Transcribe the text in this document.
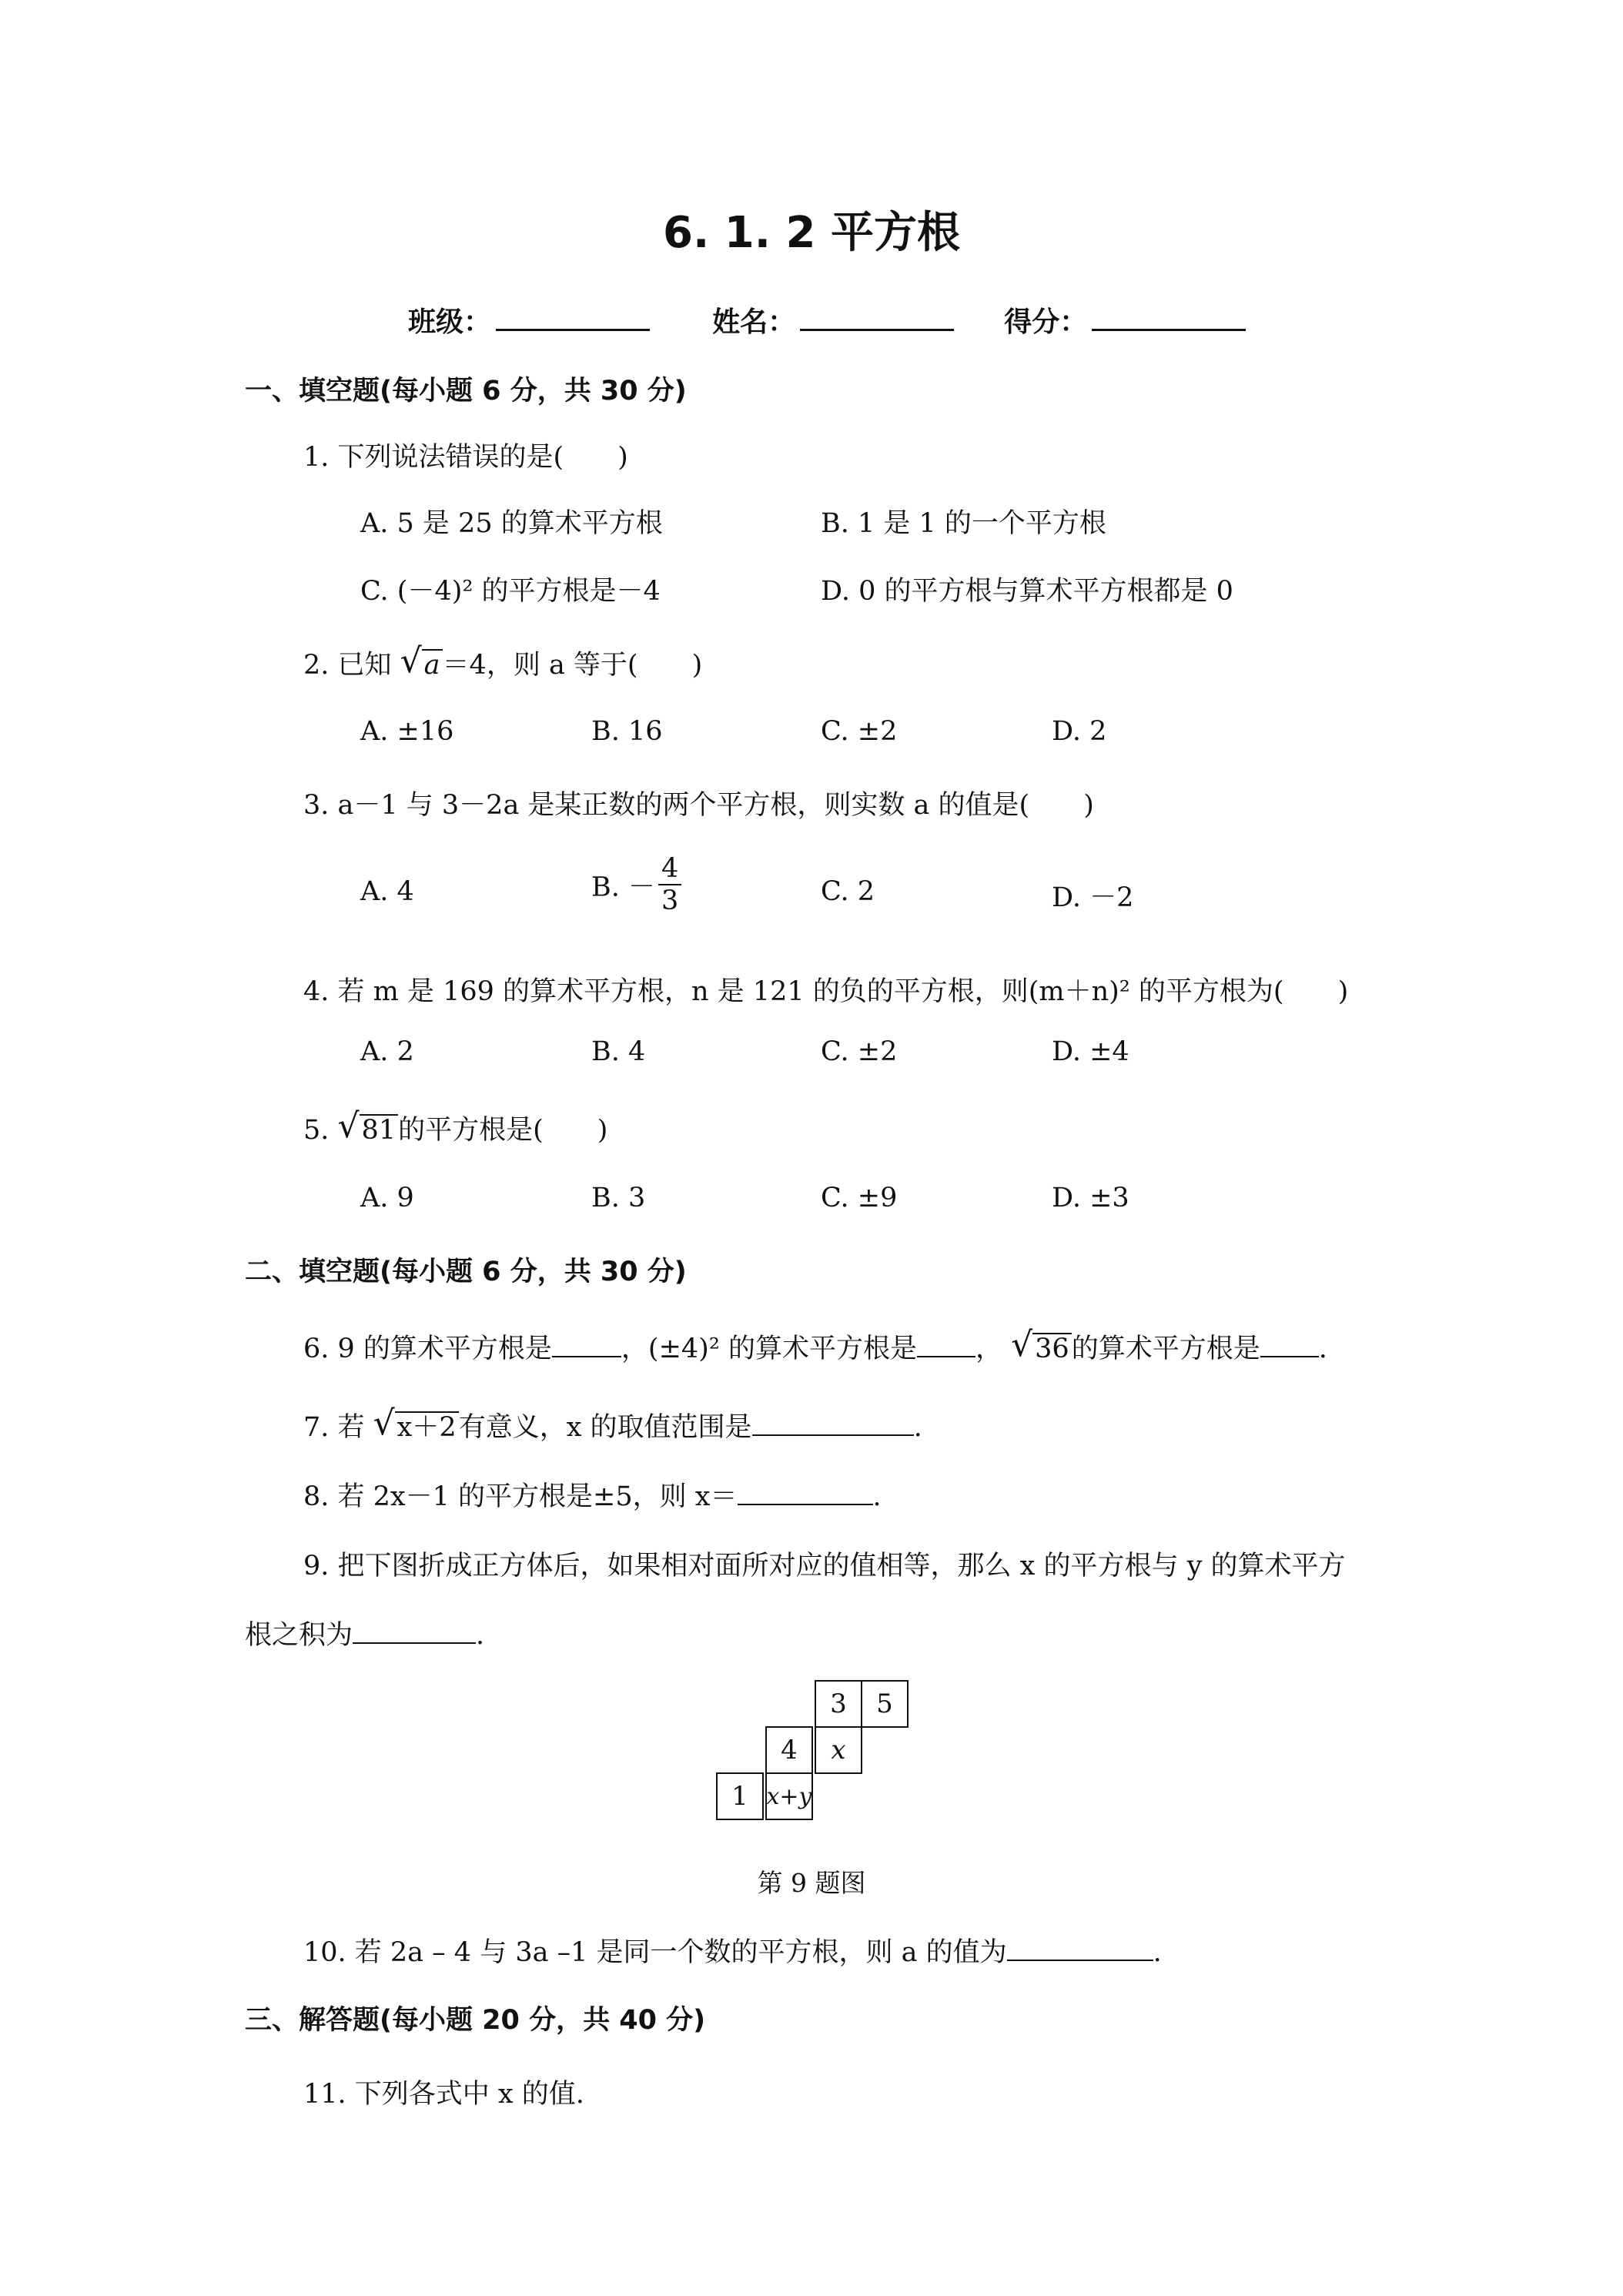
6. 1. 2 平方根
班级：	姓名：	得分：
一、填空题(每小题 6 分，共 30 分)
1. 下列说法错误的是(　　)
A. 5 是 25 的算术平方根	B. 1 是 1 的一个平方根
C. (－4)² 的平方根是－4	D. 0 的平方根与算术平方根都是 0
2. 已知 √ a＝4，则 a 等于(　　)
A. ±16	B. 16	C. ±2	D. 2
3. a－1 与 3－2a 是某正数的两个平方根，则实数 a 的值是(　　)
A. 4	B. － $\frac{4}{3}$	C. 2	D. －2
4. 若 m 是 169 的算术平方根，n 是 121 的负的平方根，则(m＋n)² 的平方根为(　　)
A. 2	B. 4	C. ±2	D. ±4
5. √ 81的平方根是(　　)
A. 9	B. 3	C. ±9	D. ±3
二、填空题(每小题 6 分，共 30 分)
6. 9 的算术平方根是	，(±4)² 的算术平方根是 ， √ 36的算术平方根是 .
7. 若 √ x＋2有意义，x 的取值范围是	.
8. 若 2x－1 的平方根是±5，则 x＝	.
9. 把下图折成正方体后，如果相对面所对应的值相等，那么 x 的平方根与 y 的算术平方
根之积为	.
3	5
4	x
1 x+y
第 9 题图
10. 若 2a – 4 与 3a –1 是同一个数的平方根，则 a 的值为	.
三、解答题(每小题 20 分，共 40 分)
11. 下列各式中 x 的值.
